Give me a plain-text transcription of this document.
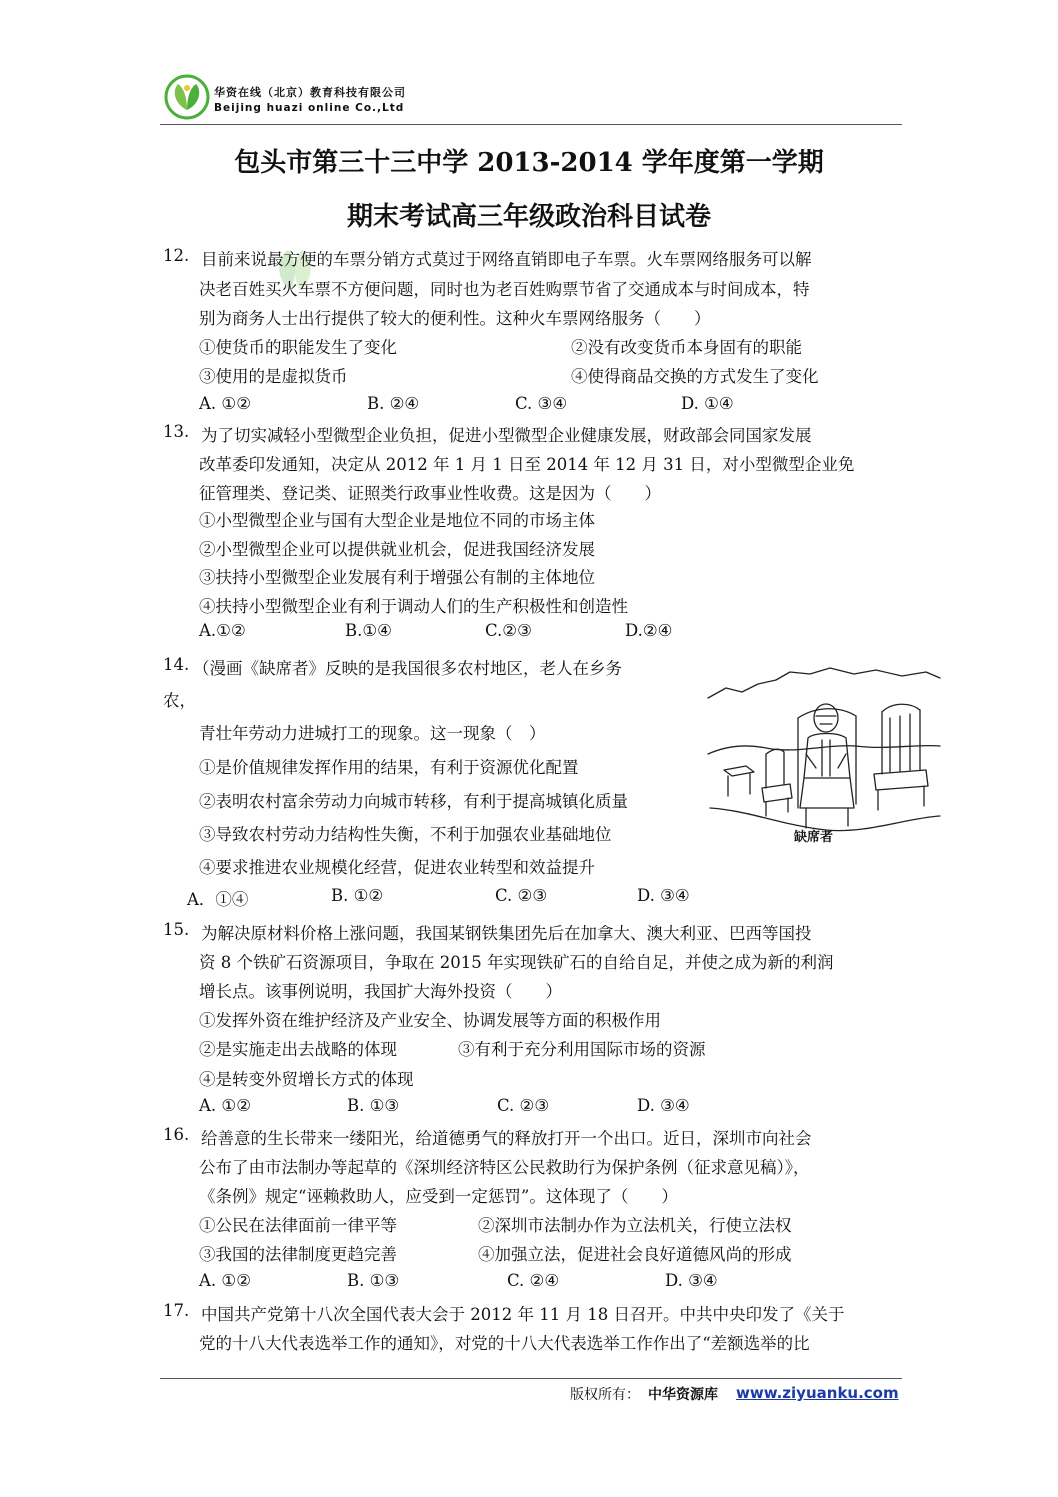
华资在线（北京）教育科技有限公司
Beijing huazi online Co.,Ltd
包头市第三十三中学 2013-2014 学年度第一学期
期末考试高三年级政治科目试卷
12. 目前来说最方便的车票分销方式莫过于网络直销即电子车票。火车票网络服务可以解
决老百姓买火车票不方便问题，同时也为老百姓购票节省了交通成本与时间成本，特
别为商务人士出行提供了较大的便利性。这种火车票网络服务（　　）
①使货币的职能发生了变化	②没有改变货币本身固有的职能
③使用的是虚拟货币	④使得商品交换的方式发生了变化
A. ①②	B. ②④	C. ③④	D. ①④
13. 为了切实减轻小型微型企业负担，促进小型微型企业健康发展，财政部会同国家发展
改革委印发通知，决定从 2012 年 1 月 1 日至 2014 年 12 月 31 日，对小型微型企业免
征管理类、登记类、证照类行政事业性收费。这是因为（　　）
①小型微型企业与国有大型企业是地位不同的市场主体
②小型微型企业可以提供就业机会，促进我国经济发展
③扶持小型微型企业发展有利于增强公有制的主体地位
④扶持小型微型企业有利于调动人们的生产积极性和创造性
A.①②	B.①④	C.②③	D.②④
14. （漫画《缺席者》反映的是我国很多农村地区，老人在乡务
农，
青壮年劳动力进城打工的现象。这一现象（　）
①是价值规律发挥作用的结果，有利于资源优化配置
②表明农村富余劳动力向城市转移，有利于提高城镇化质量
③导致农村劳动力结构性失衡，不利于加强农业基础地位
④要求推进农业规模化经营，促进农业转型和效益提升
A．①④	B. ①②	C. ②③	D. ③④
缺席者
15. 为解决原材料价格上涨问题，我国某钢铁集团先后在加拿大、澳大利亚、巴西等国投
资 8 个铁矿石资源项目，争取在 2015 年实现铁矿石的自给自足，并使之成为新的利润
增长点。该事例说明，我国扩大海外投资（　　）
①发挥外资在维护经济及产业安全、协调发展等方面的积极作用
②是实施走出去战略的体现	③有利于充分利用国际市场的资源
④是转变外贸增长方式的体现
A. ①②	B. ①③	C. ②③	D. ③④
16. 给善意的生长带来一缕阳光，给道德勇气的释放打开一个出口。近日，深圳市向社会
公布了由市法制办等起草的《深圳经济特区公民救助行为保护条例（征求意见稿）》，
《条例》规定“诬赖救助人，应受到一定惩罚”。这体现了（　　）
①公民在法律面前一律平等	②深圳市法制办作为立法机关，行使立法权
③我国的法律制度更趋完善	④加强立法，促进社会良好道德风尚的形成
A. ①②	B. ①③	C. ②④	D. ③④
17. 中国共产党第十八次全国代表大会于 2012 年 11 月 18 日召开。中共中央印发了《关于
党的十八大代表选举工作的通知》，对党的十八大代表选举工作作出了“差额选举的比
版权所有： 中华资源库 www.ziyuanku.com
